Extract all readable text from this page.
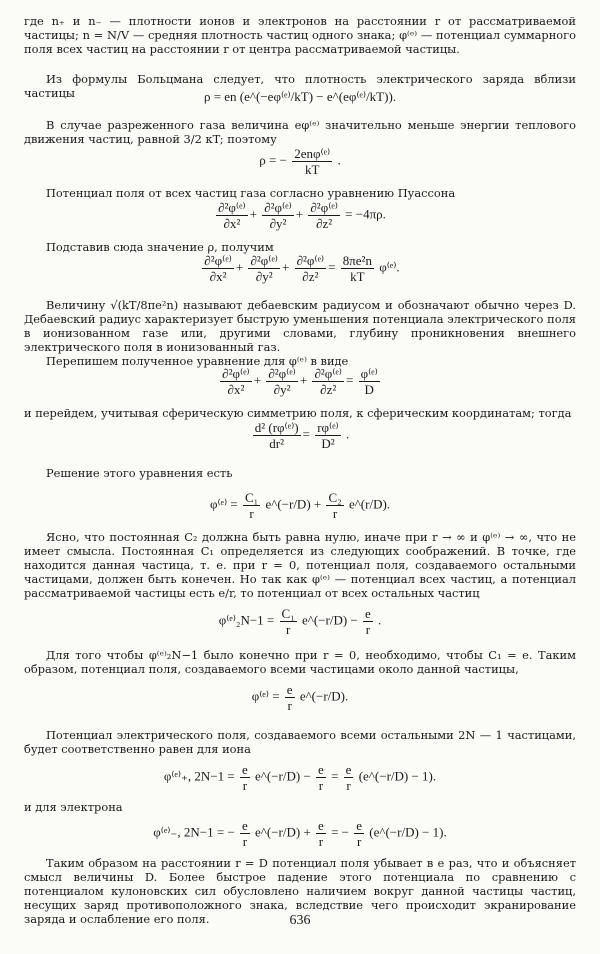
где n₊ и n₋ — плотности ионов и электронов на расстоянии r от рассматриваемой частицы; n = N/V — средняя плотность частиц одного знака; φ⁽ᵉ⁾ — потенциал суммарного поля всех частиц на расстоянии r от центра рассматриваемой частицы.

Из формулы Больцмана следует, что плотность электрического заряда вблизи частицы	ρ = en (e^(−eφ⁽ᵉ⁾/kT) − e^(eφ⁽ᵉ⁾/kT)).

В случае разреженного газа величина eφ⁽ᵉ⁾ значительно меньше энергии теплового движения частиц, равной 3/2 кT; поэтому

ρ = − 2enφ⁽ᵉ⁾
kT
.

Потенциал поля от всех частиц газа согласно уравнению Пуассона

$\frac{\text{∂²φ⁽ᵉ⁾}}{\text{∂x²}} + \frac{\text{∂²φ⁽ᵉ⁾}}{\text{∂y²}} + \frac{\text{∂²φ⁽ᵉ⁾}}{\text{∂z²}} = -4\pi\rho$.

Подставив сюда значение ρ, получим

$\frac{\text{∂²φ⁽ᵉ⁾}}{\text{∂x²}} + \frac{\text{∂²φ⁽ᵉ⁾}}{\text{∂y²}} + \frac{\text{∂²φ⁽ᵉ⁾}}{\text{∂z²}} = \frac{\text{8πe²n}}{kT}$ φ⁽ᵉ⁾.

Величину √(kT/8πe²n) называют дебаевским радиусом и обозначают обычно через D. Дебаевский радиус характеризует быструю уменьшения потенциала электрического поля в ионизованном газе или, другими словами, глубину проникновения внешнего электрического поля в ионизованный газ.

Перепишем полученное уравнение для φ⁽ᵉ⁾ в виде

$\frac{\text{∂²φ⁽ᵉ⁾}}{\text{∂x²}} + \frac{\text{∂²φ⁽ᵉ⁾}}{\text{∂y²}} + \frac{\text{∂²φ⁽ᵉ⁾}}{\text{∂z²}} = \frac{\text{φ⁽ᵉ⁾}}{D}$

и перейдем, учитывая сферическую симметрию поля, к сферическим координатам; тогда

$\frac{\text{d² (rφ⁽ᵉ⁾)}}{\text{dr²}} = \frac{\text{rφ⁽ᵉ⁾}}{\text{D²}}$ .

Решение этого уравнения есть

φ⁽ᵉ⁾ = $\frac{\text{C₁}}{r}$ e^(−r/D) + $\frac{\text{C₂}}{r}$ e^(r/D).

Ясно, что постоянная C₂ должна быть равна нулю, иначе при r → ∞ и φ⁽ᵉ⁾ → ∞, что не имеет смысла. Постоянная C₁ определяется из следующих соображений. В точке, где находится данная частица, т. е. при r = 0, потенциал поля, создаваемого остальными частицами, должен быть конечен. Но так как φ⁽ᵉ⁾ — потенциал всех частиц, а потенциал рассматриваемой частицы есть e/r, то потенциал от всех остальных частиц

φ⁽ᵉ⁾₂N−1 = $\frac{\text{C₁}}{r}$ e^(−r/D) − $\frac{e}{r}$ .

Для того чтобы φ⁽ᵉ⁾₂N−1 было конечно при r = 0, необходимо, чтобы C₁ = e. Таким образом, потенциал поля, создаваемого всеми частицами около данной частицы,

φ⁽ᵉ⁾ = $\frac{e}{r}$ e^(−r/D).

Потенциал электрического поля, создаваемого всеми остальными 2N — 1 частицами, будет соответственно равен для иона

φ⁽ᵉ⁾₊, $2N-1 = \frac{e}{r}$ e^(−r/D) − $\frac{e}{r} = \frac{e}{r}$ (e^(−r/D) − 1).

и для электрона

φ⁽ᵉ⁾₋, 2N−1 = − $\frac{e}{r}$ e^(−r/D) + $\frac{e}{r}$ = − $\frac{e}{r}$ (e^(−r/D) − 1).

Таким образом на расстоянии r = D потенциал поля убывает в e раз, что и объясняет смысл величины D. Более быстрое падение этого потенциала по сравнению с потенциалом кулоновских сил обусловлено наличием вокруг данной частицы частиц, несущих заряд противоположного знака, вследствие чего происходит экранирование заряда и ослабление его поля.	636
